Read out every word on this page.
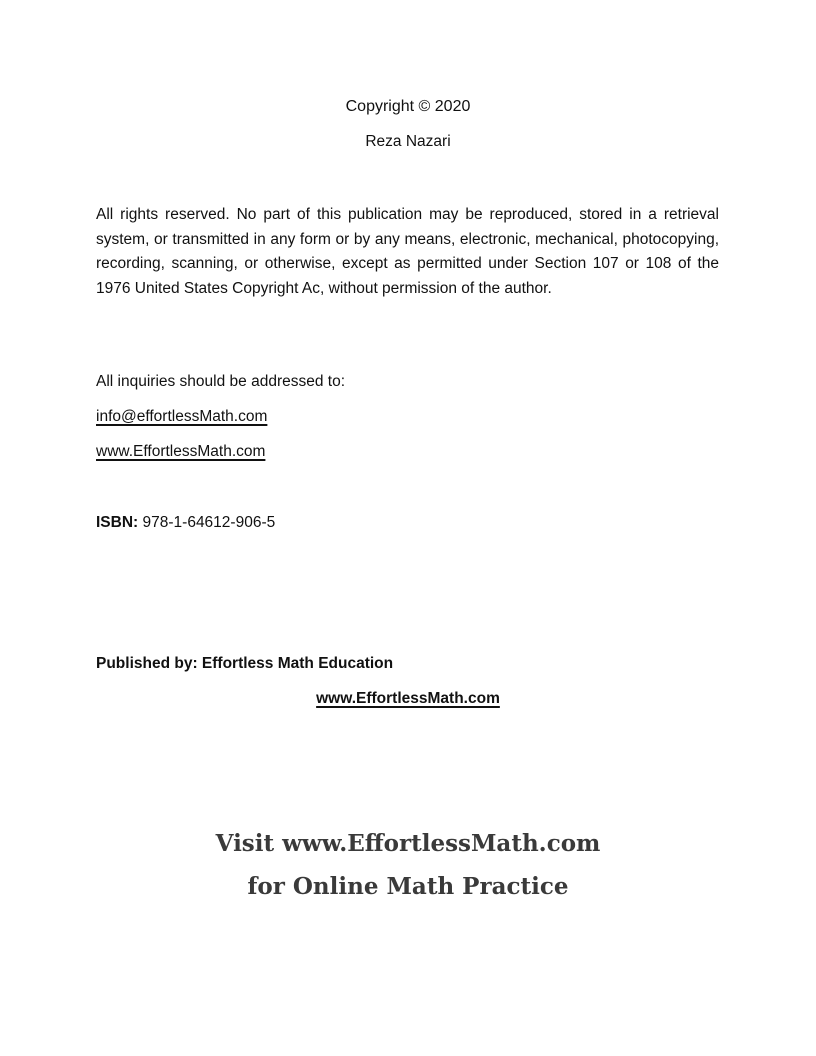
Copyright © 2020
Reza Nazari
All rights reserved. No part of this publication may be reproduced, stored in a retrieval system, or transmitted in any form or by any means, electronic, mechanical, photocopying, recording, scanning, or otherwise, except as permitted under Section 107 or 108 of the 1976 United States Copyright Ac, without permission of the author.
All inquiries should be addressed to:
info@effortlessMath.com
www.EffortlessMath.com
ISBN: 978-1-64612-906-5
Published by: Effortless Math Education
www.EffortlessMath.com
Visit www.EffortlessMath.com
for Online Math Practice
